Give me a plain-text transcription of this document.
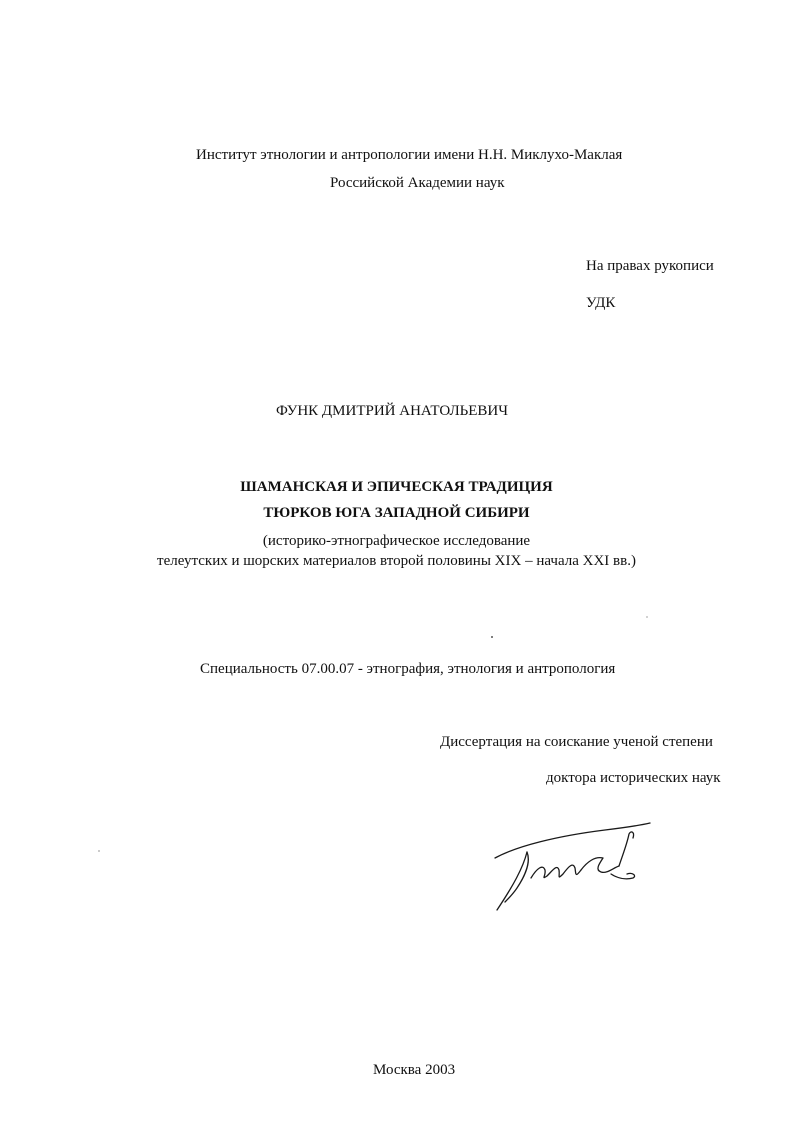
Институт этнологии и антропологии имени Н.Н. Миклухо-Маклая
Российской Академии наук
На правах рукописи
УДК
ФУНК ДМИТРИЙ АНАТОЛЬЕВИЧ
ШАМАНСКАЯ И ЭПИЧЕСКАЯ ТРАДИЦИЯ
ТЮРКОВ ЮГА ЗАПАДНОЙ СИБИРИ
(историко-этнографическое исследование
телеутских и шорских материалов второй половины XIX – начала XXI вв.)
Специальность 07.00.07 - этнография, этнология и антропология
Диссертация на соискание ученой степени
доктора исторических наук
Москва 2003
